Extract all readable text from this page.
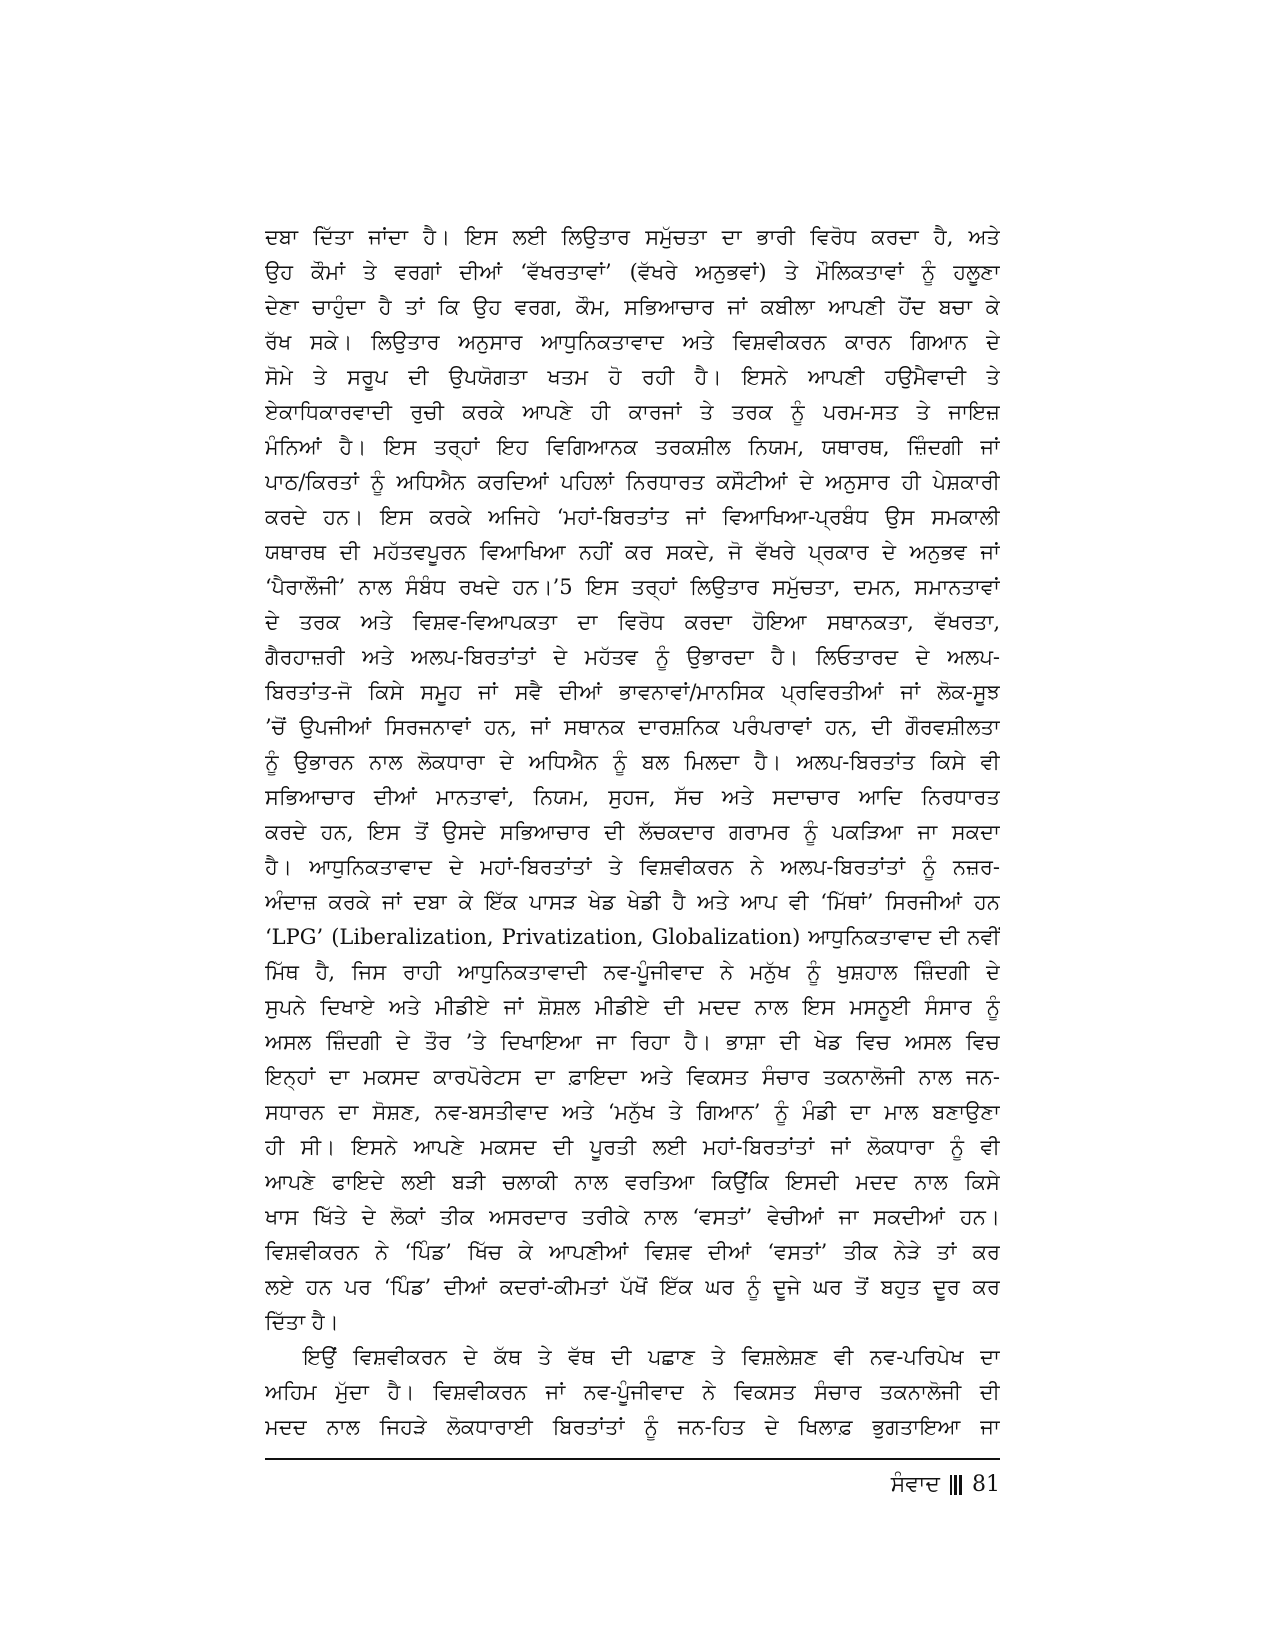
ਦਬਾ ਦਿੱਤਾ ਜਾਂਦਾ ਹੈ। ਇਸ ਲਈ ਲਿਉਤਾਰ ਸਮੁੱਚਤਾ ਦਾ ਭਾਰੀ ਵਿਰੋਧ ਕਰਦਾ ਹੈ, ਅਤੇ
ਉਹ ਕੌਮਾਂ ਤੇ ਵਰਗਾਂ ਦੀਆਂ ‘ਵੱਖਰਤਾਵਾਂ’ (ਵੱਖਰੇ ਅਨੁਭਵਾਂ) ਤੇ ਮੌਲਿਕਤਾਵਾਂ ਨੂੰ ਹਲੂਣਾ
ਦੇਣਾ ਚਾਹੁੰਦਾ ਹੈ ਤਾਂ ਕਿ ਉਹ ਵਰਗ, ਕੌਮ, ਸਭਿਆਚਾਰ ਜਾਂ ਕਬੀਲਾ ਆਪਣੀ ਹੋਂਦ ਬਚਾ ਕੇ
ਰੱਖ ਸਕੇ। ਲਿਉਤਾਰ ਅਨੁਸਾਰ ਆਧੁਨਿਕਤਾਵਾਦ ਅਤੇ ਵਿਸ਼ਵੀਕਰਨ ਕਾਰਨ ਗਿਆਨ ਦੇ
ਸੋਮੇ ਤੇ ਸਰੂਪ ਦੀ ਉਪਯੋਗਤਾ ਖਤਮ ਹੋ ਰਹੀ ਹੈ। ਇਸਨੇ ਆਪਣੀ ਹਉਮੈਵਾਦੀ ਤੇ
ਏਕਾਧਿਕਾਰਵਾਦੀ ਰੁਚੀ ਕਰਕੇ ਆਪਣੇ ਹੀ ਕਾਰਜਾਂ ਤੇ ਤਰਕ ਨੂੰ ਪਰਮ-ਸਤ ਤੇ ਜਾਇਜ਼
ਮੰਨਿਆਂ ਹੈ। ਇਸ ਤਰ੍ਹਾਂ ਇਹ ਵਿਗਿਆਨਕ ਤਰਕਸ਼ੀਲ ਨਿਯਮ, ਯਥਾਰਥ, ਜ਼ਿੰਦਗੀ ਜਾਂ
ਪਾਠ/ਕਿਰਤਾਂ ਨੂੰ ਅਧਿਐਨ ਕਰਦਿਆਂ ਪਹਿਲਾਂ ਨਿਰਧਾਰਤ ਕਸੌਟੀਆਂ ਦੇ ਅਨੁਸਾਰ ਹੀ ਪੇਸ਼ਕਾਰੀ
ਕਰਦੇ ਹਨ। ਇਸ ਕਰਕੇ ਅਜਿਹੇ ‘ਮਹਾਂ-ਬਿਰਤਾਂਤ ਜਾਂ ਵਿਆਖਿਆ-ਪ੍ਰਬੰਧ ਉਸ ਸਮਕਾਲੀ
ਯਥਾਰਥ ਦੀ ਮਹੱਤਵਪੂਰਨ ਵਿਆਖਿਆ ਨਹੀਂ ਕਰ ਸਕਦੇ, ਜੋ ਵੱਖਰੇ ਪ੍ਰਕਾਰ ਦੇ ਅਨੁਭਵ ਜਾਂ
‘ਪੈਰਾਲੌਜੀ’ ਨਾਲ ਸੰਬੰਧ ਰਖਦੇ ਹਨ।’5 ਇਸ ਤਰ੍ਹਾਂ ਲਿਉਤਾਰ ਸਮੁੱਚਤਾ, ਦਮਨ, ਸਮਾਨਤਾਵਾਂ
ਦੇ ਤਰਕ ਅਤੇ ਵਿਸ਼ਵ-ਵਿਆਪਕਤਾ ਦਾ ਵਿਰੋਧ ਕਰਦਾ ਹੋਇਆ ਸਥਾਨਕਤਾ, ਵੱਖਰਤਾ,
ਗੈਰਹਾਜ਼ਰੀ ਅਤੇ ਅਲਪ-ਬਿਰਤਾਂਤਾਂ ਦੇ ਮਹੱਤਵ ਨੂੰ ਉਭਾਰਦਾ ਹੈ। ਲਿਓਤਾਰਦ ਦੇ ਅਲਪ-
ਬਿਰਤਾਂਤ-ਜੋ ਕਿਸੇ ਸਮੂਹ ਜਾਂ ਸਵੈ ਦੀਆਂ ਭਾਵਨਾਵਾਂ/ਮਾਨਸਿਕ ਪ੍ਰਵਿਰਤੀਆਂ ਜਾਂ ਲੋਕ-ਸੂਝ
’ਚੋਂ ਉਪਜੀਆਂ ਸਿਰਜਨਾਵਾਂ ਹਨ, ਜਾਂ ਸਥਾਨਕ ਦਾਰਸ਼ਨਿਕ ਪਰੰਪਰਾਵਾਂ ਹਨ, ਦੀ ਗੌਰਵਸ਼ੀਲਤਾ
ਨੂੰ ਉਭਾਰਨ ਨਾਲ ਲੋਕਧਾਰਾ ਦੇ ਅਧਿਐਨ ਨੂੰ ਬਲ ਮਿਲਦਾ ਹੈ। ਅਲਪ-ਬਿਰਤਾਂਤ ਕਿਸੇ ਵੀ
ਸਭਿਆਚਾਰ ਦੀਆਂ ਮਾਨਤਾਵਾਂ, ਨਿਯਮ, ਸੁਹਜ, ਸੱਚ ਅਤੇ ਸਦਾਚਾਰ ਆਦਿ ਨਿਰਧਾਰਤ
ਕਰਦੇ ਹਨ, ਇਸ ਤੋਂ ਉਸਦੇ ਸਭਿਆਚਾਰ ਦੀ ਲੱਚਕਦਾਰ ਗਰਾਮਰ ਨੂੰ ਪਕੜਿਆ ਜਾ ਸਕਦਾ
ਹੈ। ਆਧੁਨਿਕਤਾਵਾਦ ਦੇ ਮਹਾਂ-ਬਿਰਤਾਂਤਾਂ ਤੇ ਵਿਸ਼ਵੀਕਰਨ ਨੇ ਅਲਪ-ਬਿਰਤਾਂਤਾਂ ਨੂੰ ਨਜ਼ਰ-
ਅੰਦਾਜ਼ ਕਰਕੇ ਜਾਂ ਦਬਾ ਕੇ ਇੱਕ ਪਾਸੜ ਖੇਡ ਖੇਡੀ ਹੈ ਅਤੇ ਆਪ ਵੀ ‘ਮਿੱਥਾਂ’ ਸਿਰਜੀਆਂ ਹਨ
‘LPG’ (Liberalization, Privatization, Globalization) ਆਧੁਨਿਕਤਾਵਾਦ ਦੀ ਨਵੀਂ
ਮਿੱਥ ਹੈ, ਜਿਸ ਰਾਹੀ ਆਧੁਨਿਕਤਾਵਾਦੀ ਨਵ-ਪੂੰਜੀਵਾਦ ਨੇ ਮਨੁੱਖ ਨੂੰ ਖੁਸ਼ਹਾਲ ਜ਼ਿੰਦਗੀ ਦੇ
ਸੁਪਨੇ ਦਿਖਾਏ ਅਤੇ ਮੀਡੀਏ ਜਾਂ ਸ਼ੋਸ਼ਲ ਮੀਡੀਏ ਦੀ ਮਦਦ ਨਾਲ ਇਸ ਮਸਨੂਈ ਸੰਸਾਰ ਨੂੰ
ਅਸਲ ਜ਼ਿੰਦਗੀ ਦੇ ਤੌਰ ’ਤੇ ਦਿਖਾਇਆ ਜਾ ਰਿਹਾ ਹੈ। ਭਾਸ਼ਾ ਦੀ ਖੇਡ ਵਿਚ ਅਸਲ ਵਿਚ
ਇਨ੍ਹਾਂ ਦਾ ਮਕਸਦ ਕਾਰਪੋਰੇਟਸ ਦਾ ਫ਼ਾਇਦਾ ਅਤੇ ਵਿਕਸਤ ਸੰਚਾਰ ਤਕਨਾਲੋਜੀ ਨਾਲ ਜਨ-
ਸਧਾਰਨ ਦਾ ਸੋਸ਼ਣ, ਨਵ-ਬਸਤੀਵਾਦ ਅਤੇ ‘ਮਨੁੱਖ ਤੇ ਗਿਆਨ’ ਨੂੰ ਮੰਡੀ ਦਾ ਮਾਲ ਬਣਾਉਣਾ
ਹੀ ਸੀ। ਇਸਨੇ ਆਪਣੇ ਮਕਸਦ ਦੀ ਪੂਰਤੀ ਲਈ ਮਹਾਂ-ਬਿਰਤਾਂਤਾਂ ਜਾਂ ਲੋਕਧਾਰਾ ਨੂੰ ਵੀ
ਆਪਣੇ ਫਾਇਦੇ ਲਈ ਬੜੀ ਚਲਾਕੀ ਨਾਲ ਵਰਤਿਆ ਕਿਉਂਕਿ ਇਸਦੀ ਮਦਦ ਨਾਲ ਕਿਸੇ
ਖਾਸ ਖਿੱਤੇ ਦੇ ਲੋਕਾਂ ਤੀਕ ਅਸਰਦਾਰ ਤਰੀਕੇ ਨਾਲ ‘ਵਸਤਾਂ’ ਵੇਚੀਆਂ ਜਾ ਸਕਦੀਆਂ ਹਨ।
ਵਿਸ਼ਵੀਕਰਨ ਨੇ ‘ਪਿੰਡ’ ਖਿੱਚ ਕੇ ਆਪਣੀਆਂ ਵਿਸ਼ਵ ਦੀਆਂ ‘ਵਸਤਾਂ’ ਤੀਕ ਨੇੜੇ ਤਾਂ ਕਰ
ਲਏ ਹਨ ਪਰ ‘ਪਿੰਡ’ ਦੀਆਂ ਕਦਰਾਂ-ਕੀਮਤਾਂ ਪੱਖੋਂ ਇੱਕ ਘਰ ਨੂੰ ਦੂਜੇ ਘਰ ਤੋਂ ਬਹੁਤ ਦੂਰ ਕਰ
ਦਿੱਤਾ ਹੈ।

ਇਉਂ ਵਿਸ਼ਵੀਕਰਨ ਦੇ ਕੱਥ ਤੇ ਵੱਥ ਦੀ ਪਛਾਣ ਤੇ ਵਿਸ਼ਲੇਸ਼ਣ ਵੀ ਨਵ-ਪਰਿਪੇਖ ਦਾ
ਅਹਿਮ ਮੁੱਦਾ ਹੈ। ਵਿਸ਼ਵੀਕਰਨ ਜਾਂ ਨਵ-ਪੂੰਜੀਵਾਦ ਨੇ ਵਿਕਸਤ ਸੰਚਾਰ ਤਕਨਾਲੋਜੀ ਦੀ
ਮਦਦ ਨਾਲ ਜਿਹੜੇ ਲੋਕਧਾਰਾਈ ਬਿਰਤਾਂਤਾਂ ਨੂੰ ਜਨ-ਹਿਤ ਦੇ ਖਿਲਾਫ਼ ਭੁਗਤਾਇਆ ਜਾ

ਸੰਵਾਦ 81
